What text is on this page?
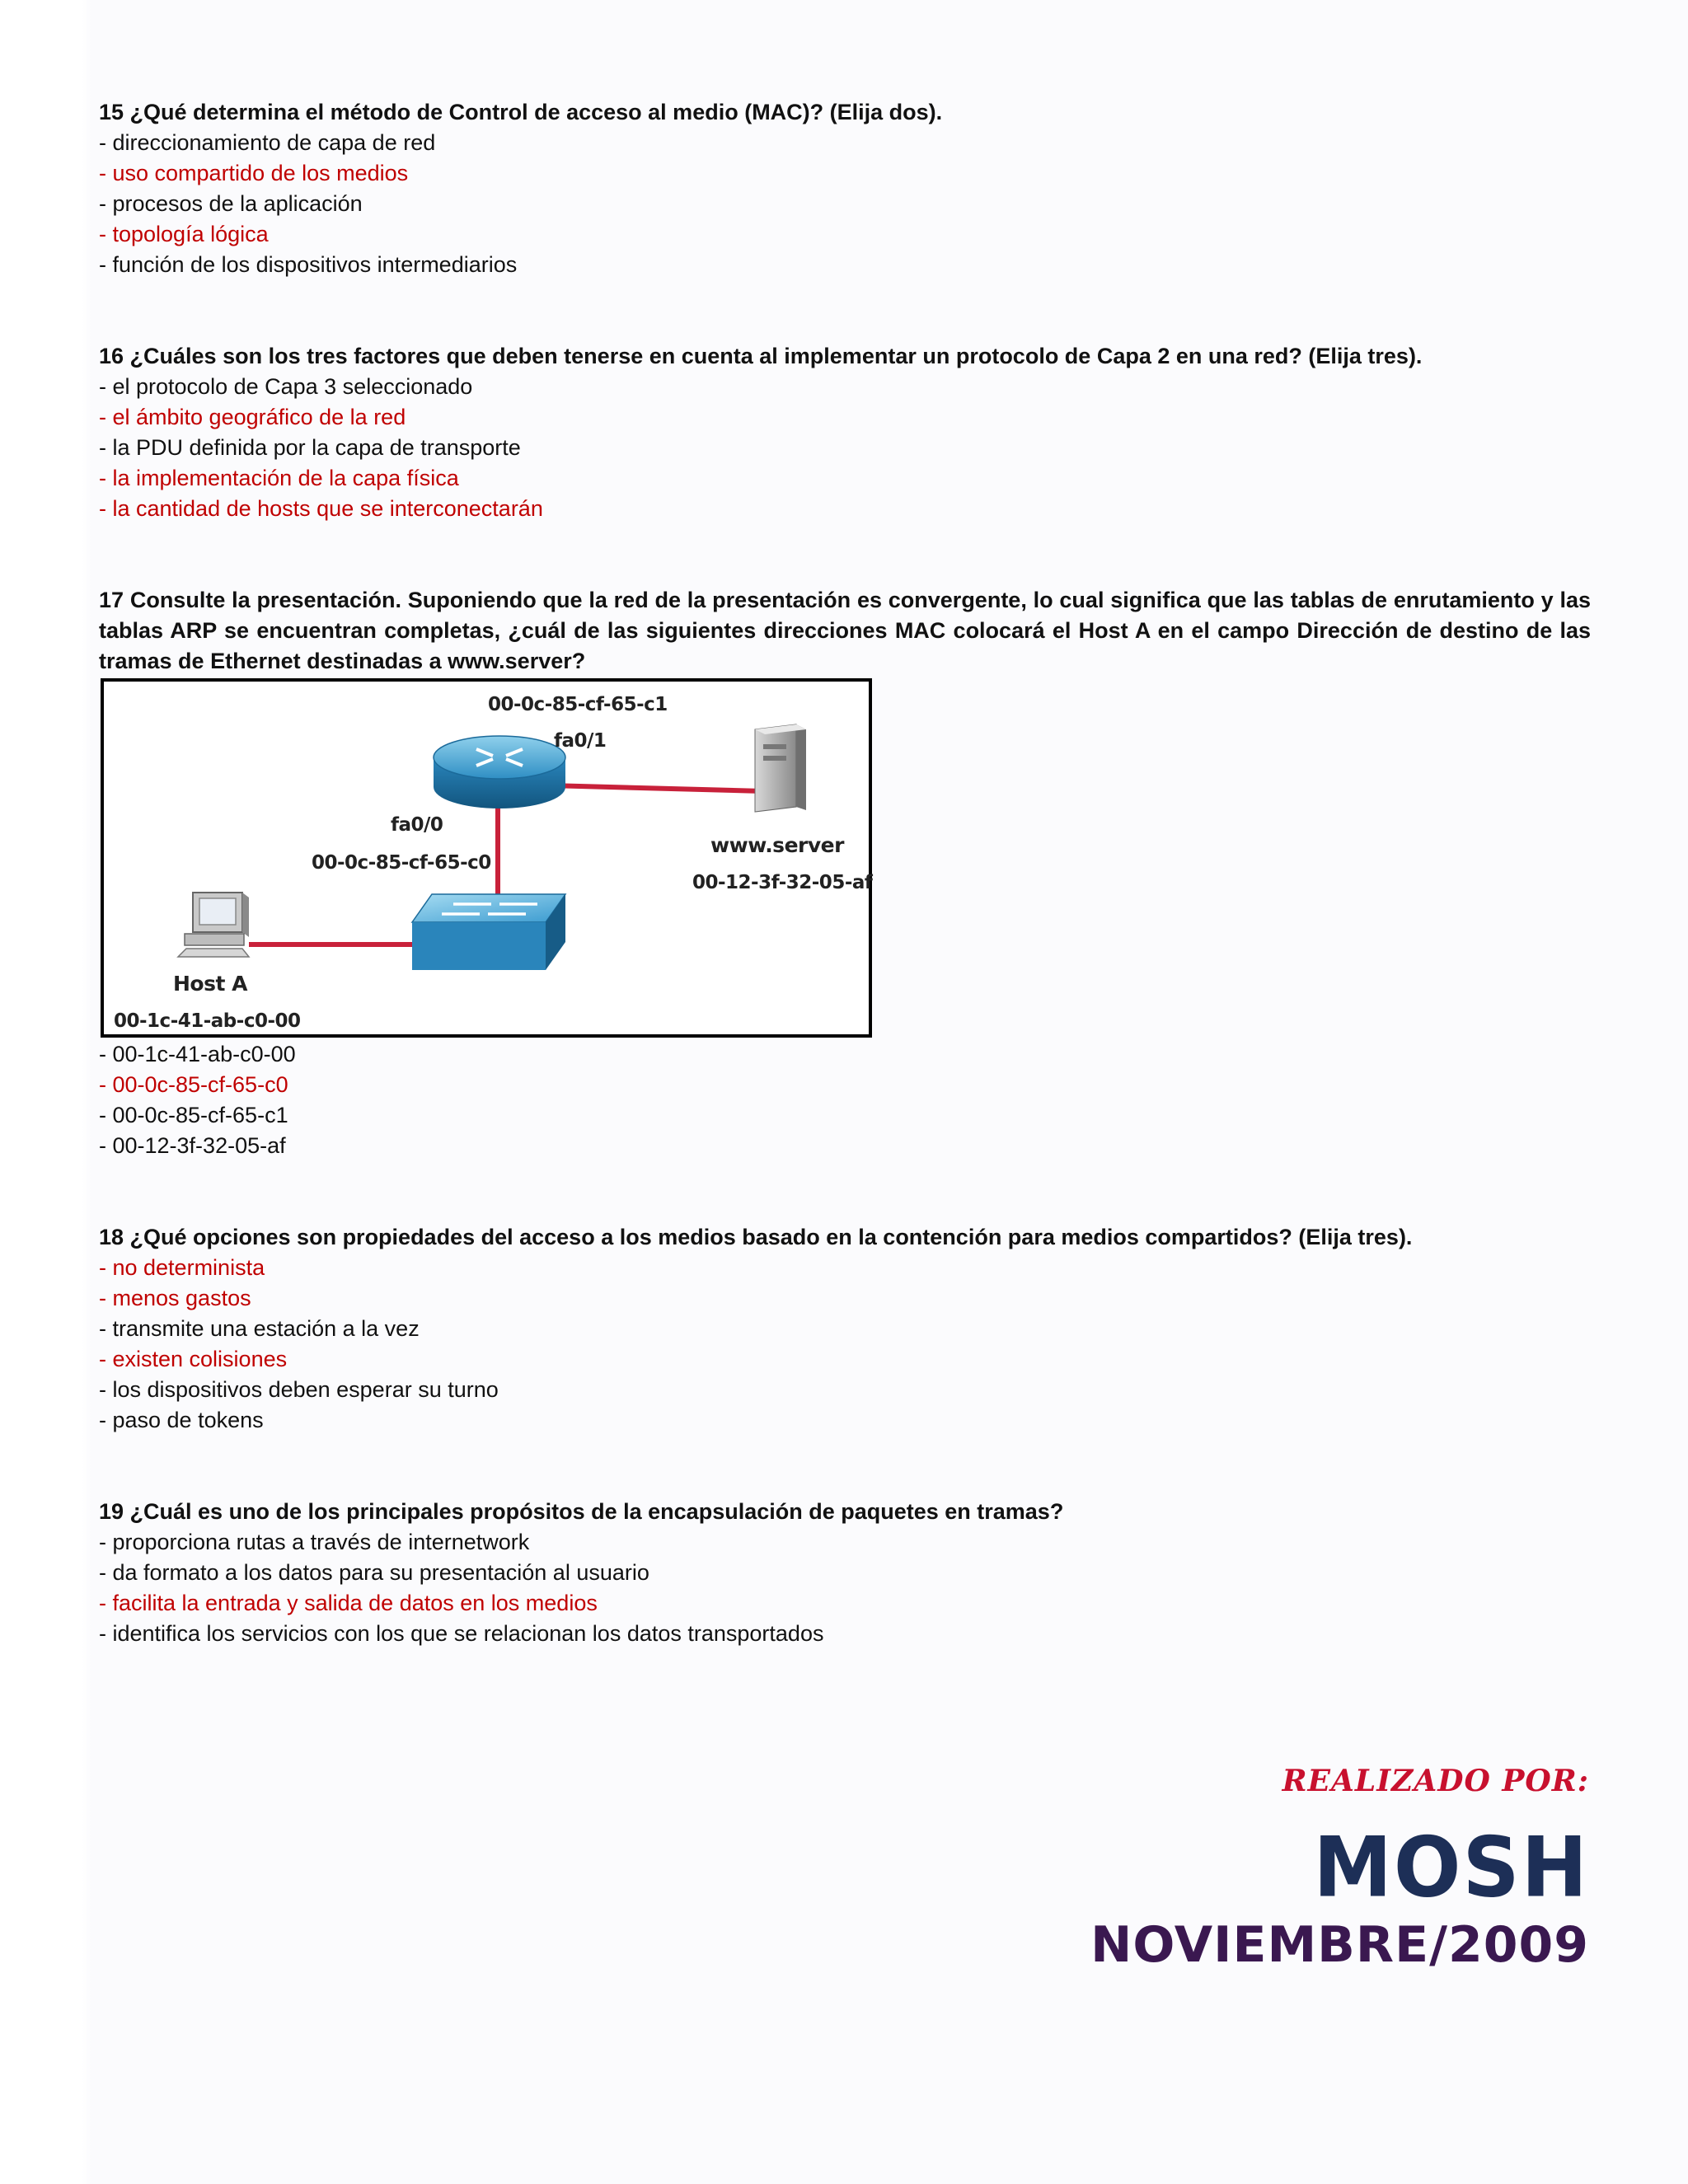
15 ¿Qué determina el método de Control de acceso al medio (MAC)? (Elija dos).
- direccionamiento de capa de red
- uso compartido de los medios
- procesos de la aplicación
- topología lógica
- función de los dispositivos intermediarios
16 ¿Cuáles son los tres factores que deben tenerse en cuenta al implementar un protocolo de Capa 2 en una red? (Elija tres).
- el protocolo de Capa 3 seleccionado
- el ámbito geográfico de la red
- la PDU definida por la capa de transporte
- la implementación de la capa física
- la cantidad de hosts que se interconectarán
17 Consulte la presentación. Suponiendo que la red de la presentación es convergente, lo cual significa que las tablas de enrutamiento y las tablas ARP se encuentran completas, ¿cuál de las siguientes direcciones MAC colocará el Host A en el campo Dirección de destino de las tramas de Ethernet destinadas a www.server?
00-0c-85-cf-65-c1
fa0/1
fa0/0
00-0c-85-cf-65-c0
www.server
00-12-3f-32-05-af
Host A
00-1c-41-ab-c0-00
- 00-1c-41-ab-c0-00
- 00-0c-85-cf-65-c0
- 00-0c-85-cf-65-c1
- 00-12-3f-32-05-af
18 ¿Qué opciones son propiedades del acceso a los medios basado en la contención para medios compartidos? (Elija tres).
- no determinista
- menos gastos
- transmite una estación a la vez
- existen colisiones
- los dispositivos deben esperar su turno
- paso de tokens
19 ¿Cuál es uno de los principales propósitos de la encapsulación de paquetes en tramas?
- proporciona rutas a través de internetwork
- da formato a los datos para su presentación al usuario
- facilita la entrada y salida de datos en los medios
- identifica los servicios con los que se relacionan los datos transportados
REALIZADO POR:
MOSH
NOVIEMBRE/2009
